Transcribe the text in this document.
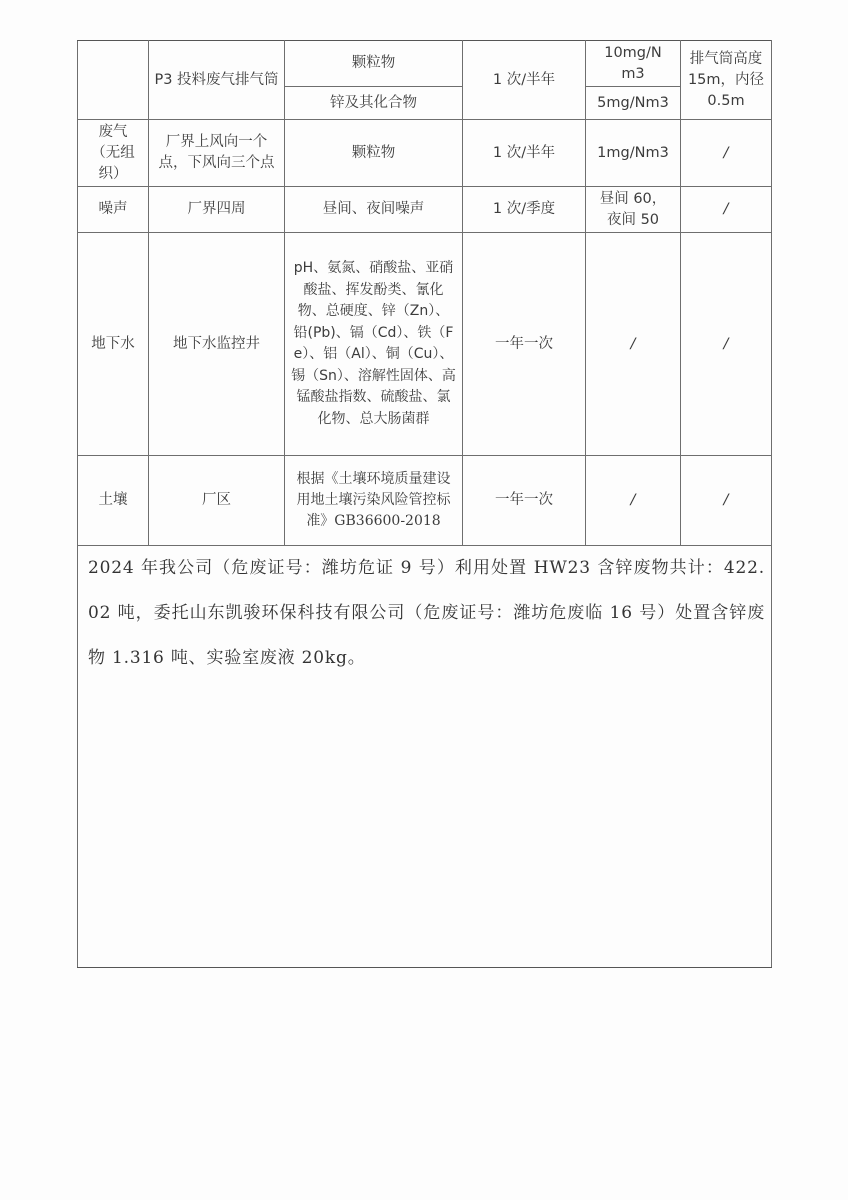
	P3 投料废气排气筒	颗粒物	1 次/半年	10mg/Nm3	排气筒高度 15m，内径 0.5m
		锌及其化合物		5mg/Nm3	
废气（无组织）	厂界上风向一个点，下风向三个点	颗粒物	1 次/半年	1mg/Nm3	/
噪声	厂界四周	昼间、夜间噪声	1 次/季度	昼间 60，夜间 50	/
地下水	地下水监控井	pH、氨氮、硝酸盐、亚硝酸盐、挥发酚类、氰化物、总硬度、锌（Zn）、铅(Pb)、镉（Cd）、铁（Fe）、铝（Al）、铜（Cu）、锡（Sn）、溶解性固体、高锰酸盐指数、硫酸盐、氯化物、总大肠菌群	一年一次	/	/
土壤	厂区	根据《土壤环境质量建设用地土壤污染风险管控标准》GB36600-2018	一年一次	/	/

2024 年我公司（危废证号：潍坊危证 9 号）利用处置 HW23 含锌废物共计：422.02 吨，委托山东凯骏环保科技有限公司（危废证号：潍坊危废临 16 号）处置含锌废物 1.316 吨、实验室废液 20kg。					
